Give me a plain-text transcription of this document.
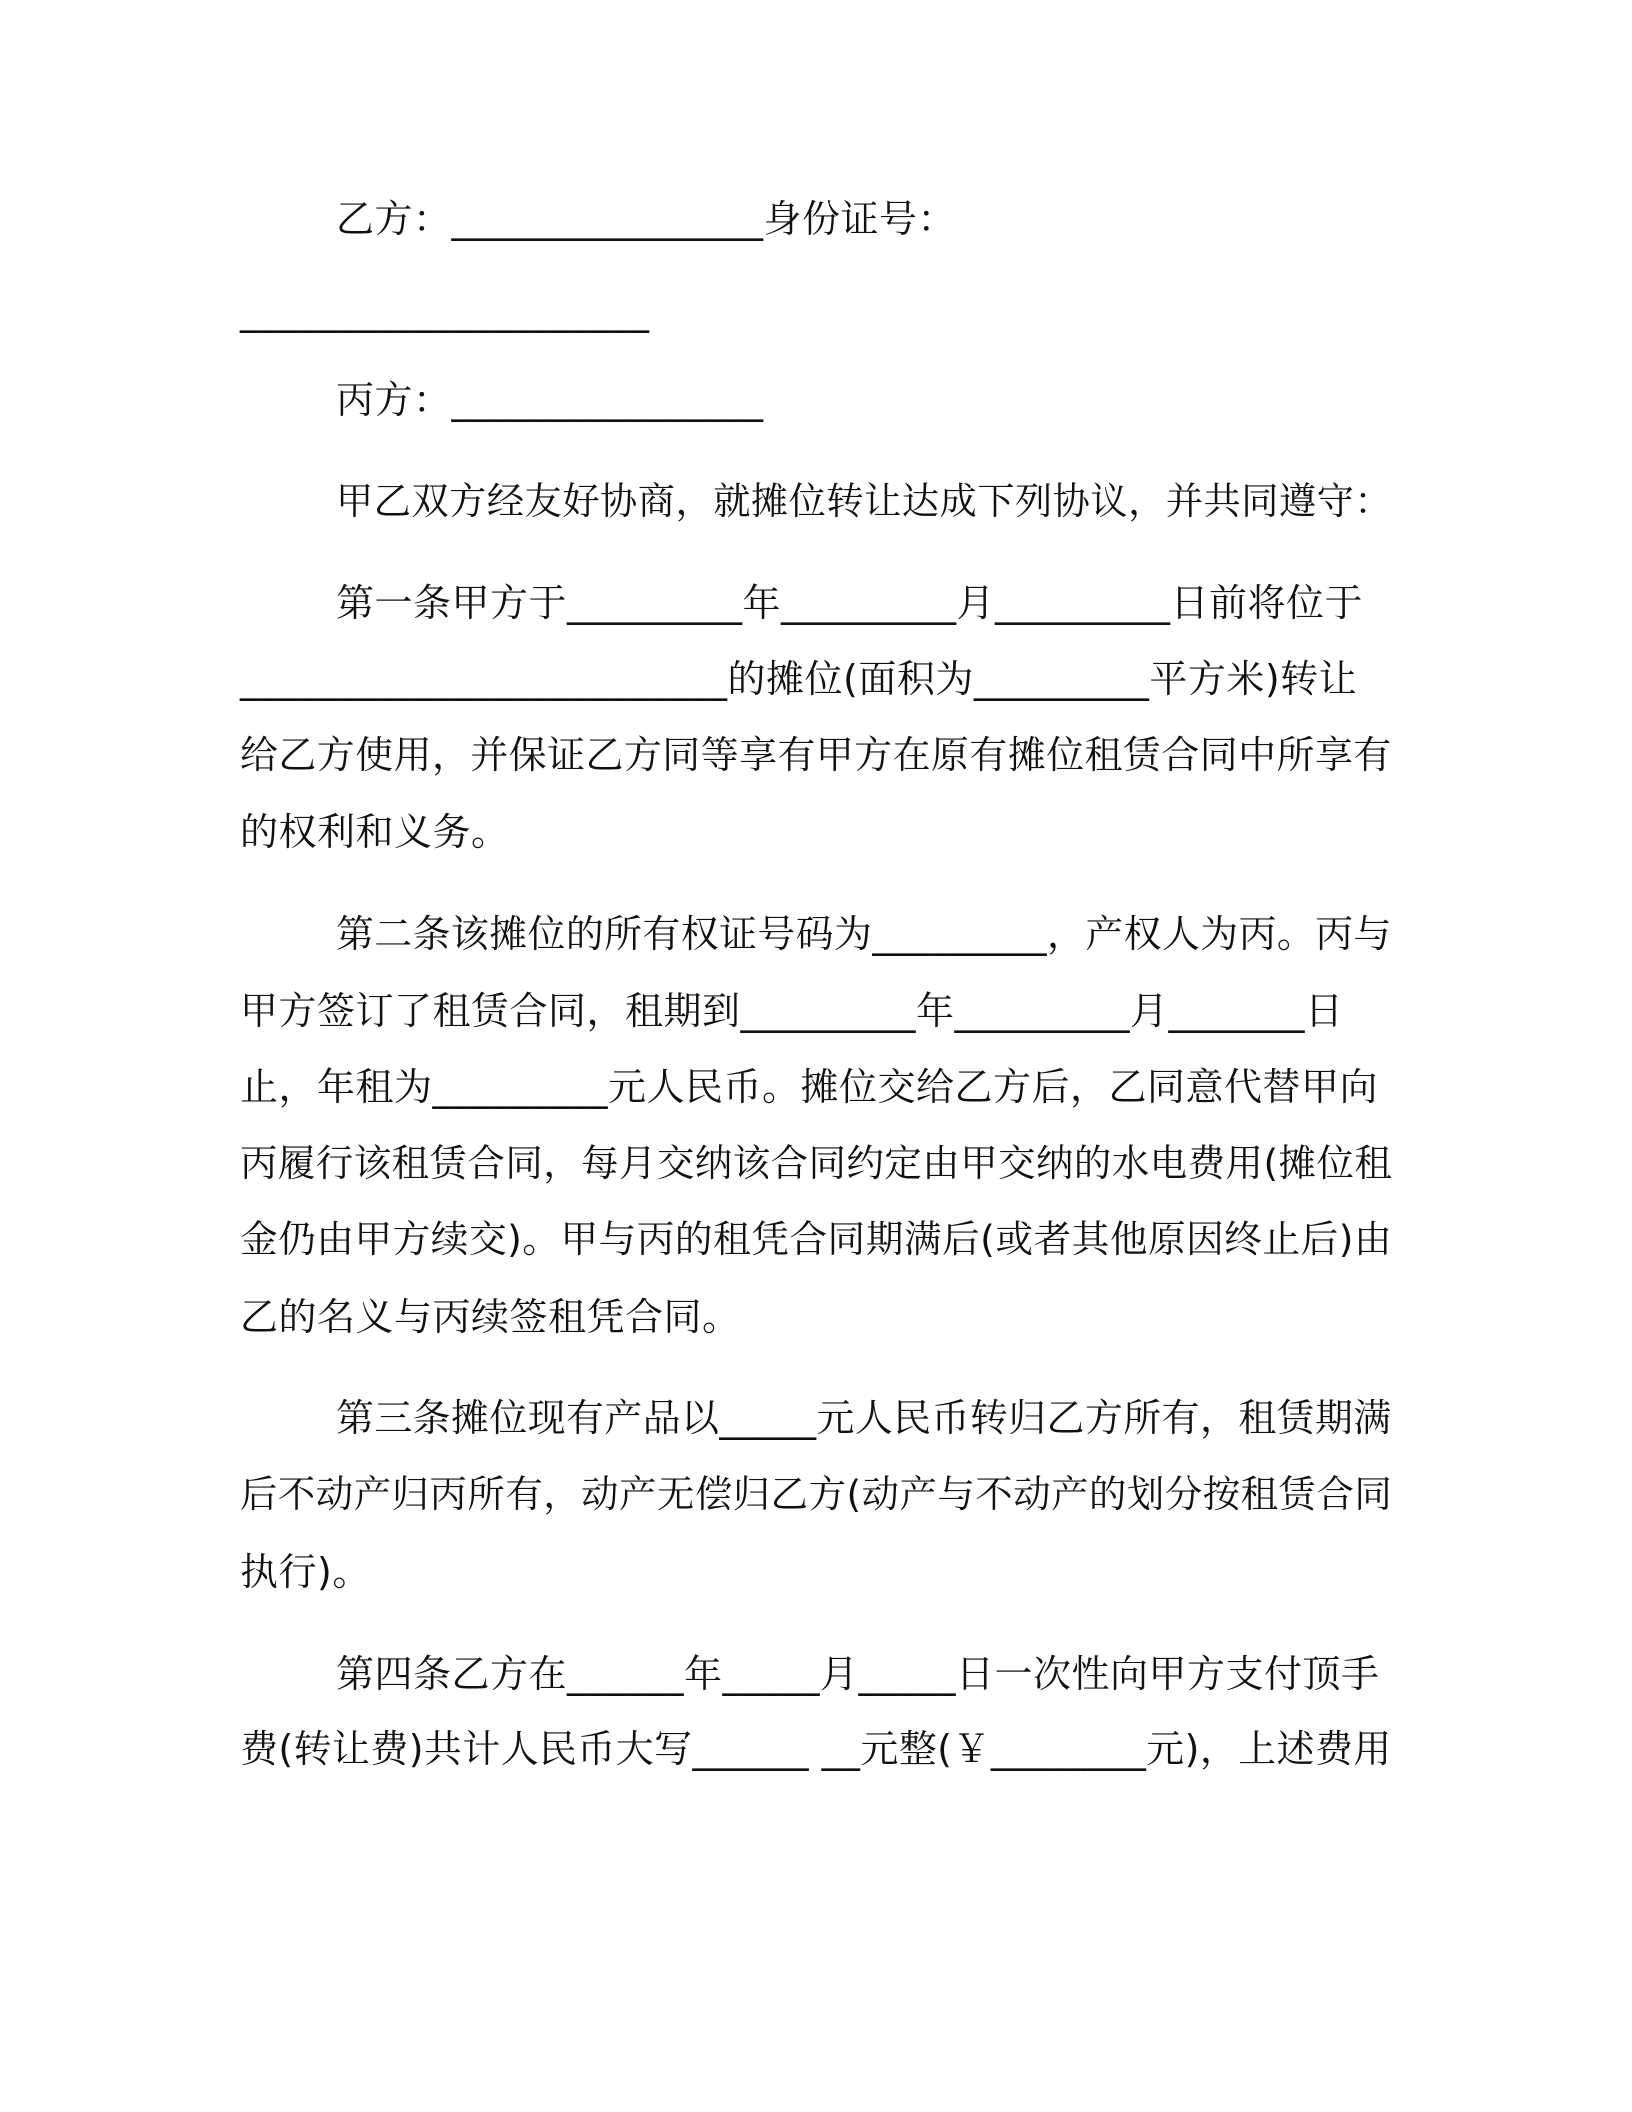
乙方：________________身份证号：
_____________________
丙方：________________
甲乙双方经友好协商，就摊位转让达成下列协议，并共同遵守：
第一条甲方于_________年_________月_________日前将位于
_________________________的摊位(面积为_________平方米)转让
给乙方使用，并保证乙方同等享有甲方在原有摊位租赁合同中所享有
的权利和义务。
第二条该摊位的所有权证号码为_________，产权人为丙。丙与
甲方签订了租赁合同，租期到_________年_________月_______日
止，年租为_________元人民币。摊位交给乙方后，乙同意代替甲向
丙履行该租赁合同，每月交纳该合同约定由甲交纳的水电费用(摊位租
金仍由甲方续交)。甲与丙的租凭合同期满后(或者其他原因终止后)由
乙的名义与丙续签租凭合同。
第三条摊位现有产品以_____元人民币转归乙方所有，租赁期满
后不动产归丙所有，动产无偿归乙方(动产与不动产的划分按租赁合同
执行)。
第四条乙方在______年_____月_____日一次性向甲方支付顶手
费(转让费)共计人民币大写______ __元整(￥________元)，上述费用
